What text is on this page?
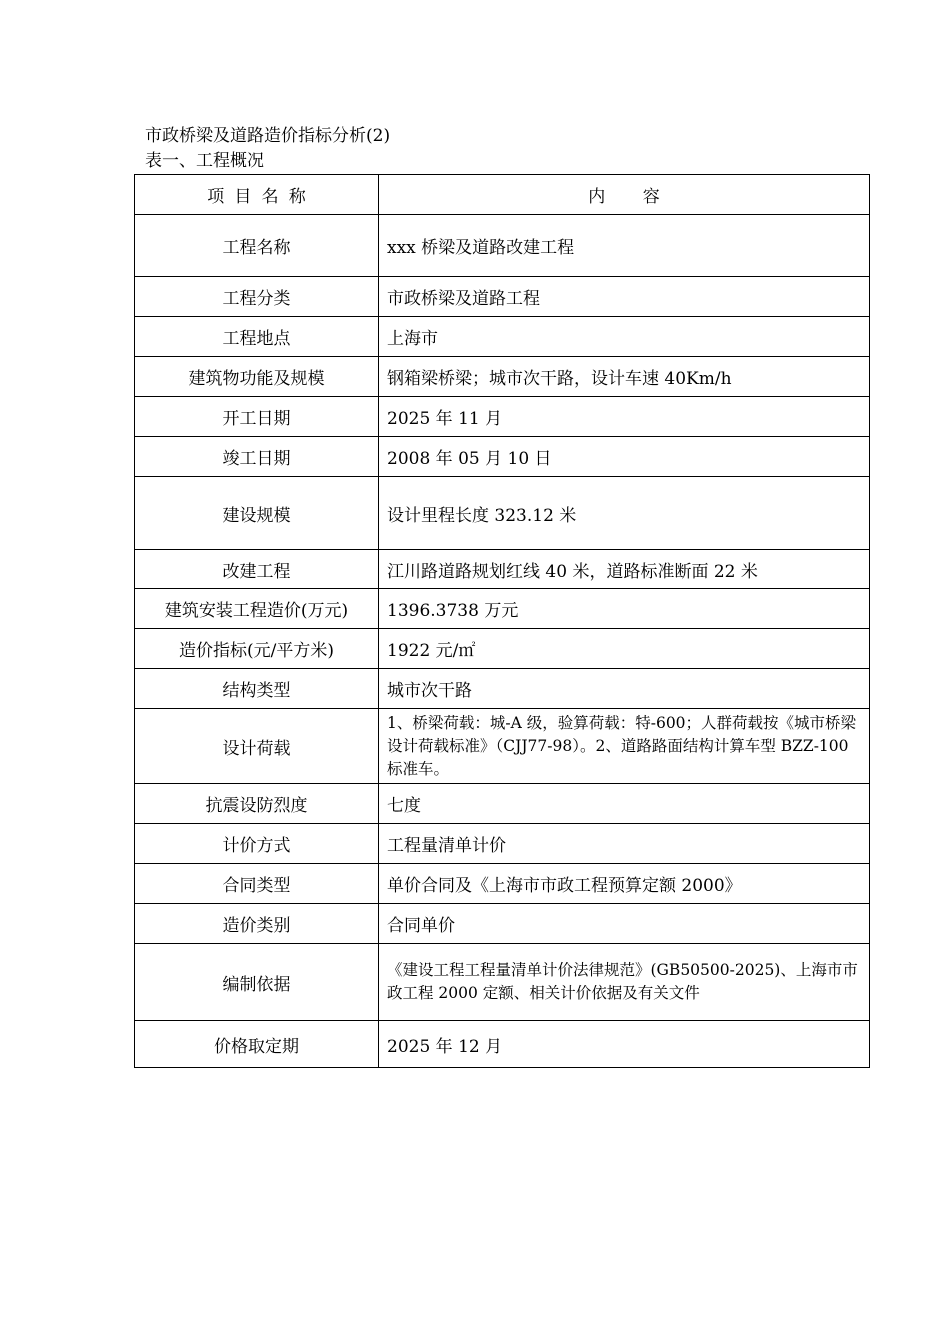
市政桥梁及道路造价指标分析(2)
表一、工程概况
项 目 名 称	内 容
工程名称	xxx 桥梁及道路改建工程
工程分类	市政桥梁及道路工程
工程地点	上海市
建筑物功能及规模	钢箱梁桥梁；城市次干路，设计车速 40Km/h
开工日期	2025 年 11 月
竣工日期	2008 年 05 月 10 日
建设规模	设计里程长度 323.12 米
改建工程	江川路道路规划红线 40 米，道路标准断面 22 米
建筑安装工程造价(万元)	1396.3738 万元
造价指标(元/平方米)	1922 元/㎡
结构类型	城市次干路
设计荷载	1、桥梁荷载：城-A 级，验算荷载：特-600；人群荷载按《城市桥梁设计荷载标准》（CJJ77-98）。2、道路路面结构计算车型 BZZ-100 标准车。
抗震设防烈度	七度
计价方式	工程量清单计价
合同类型	单价合同及《上海市市政工程预算定额 2000》
造价类别	合同单价
编制依据	《建设工程工程量清单计价法律规范》(GB50500-2025)、上海市市政工程 2000 定额、相关计价依据及有关文件
价格取定期	2025 年 12 月
